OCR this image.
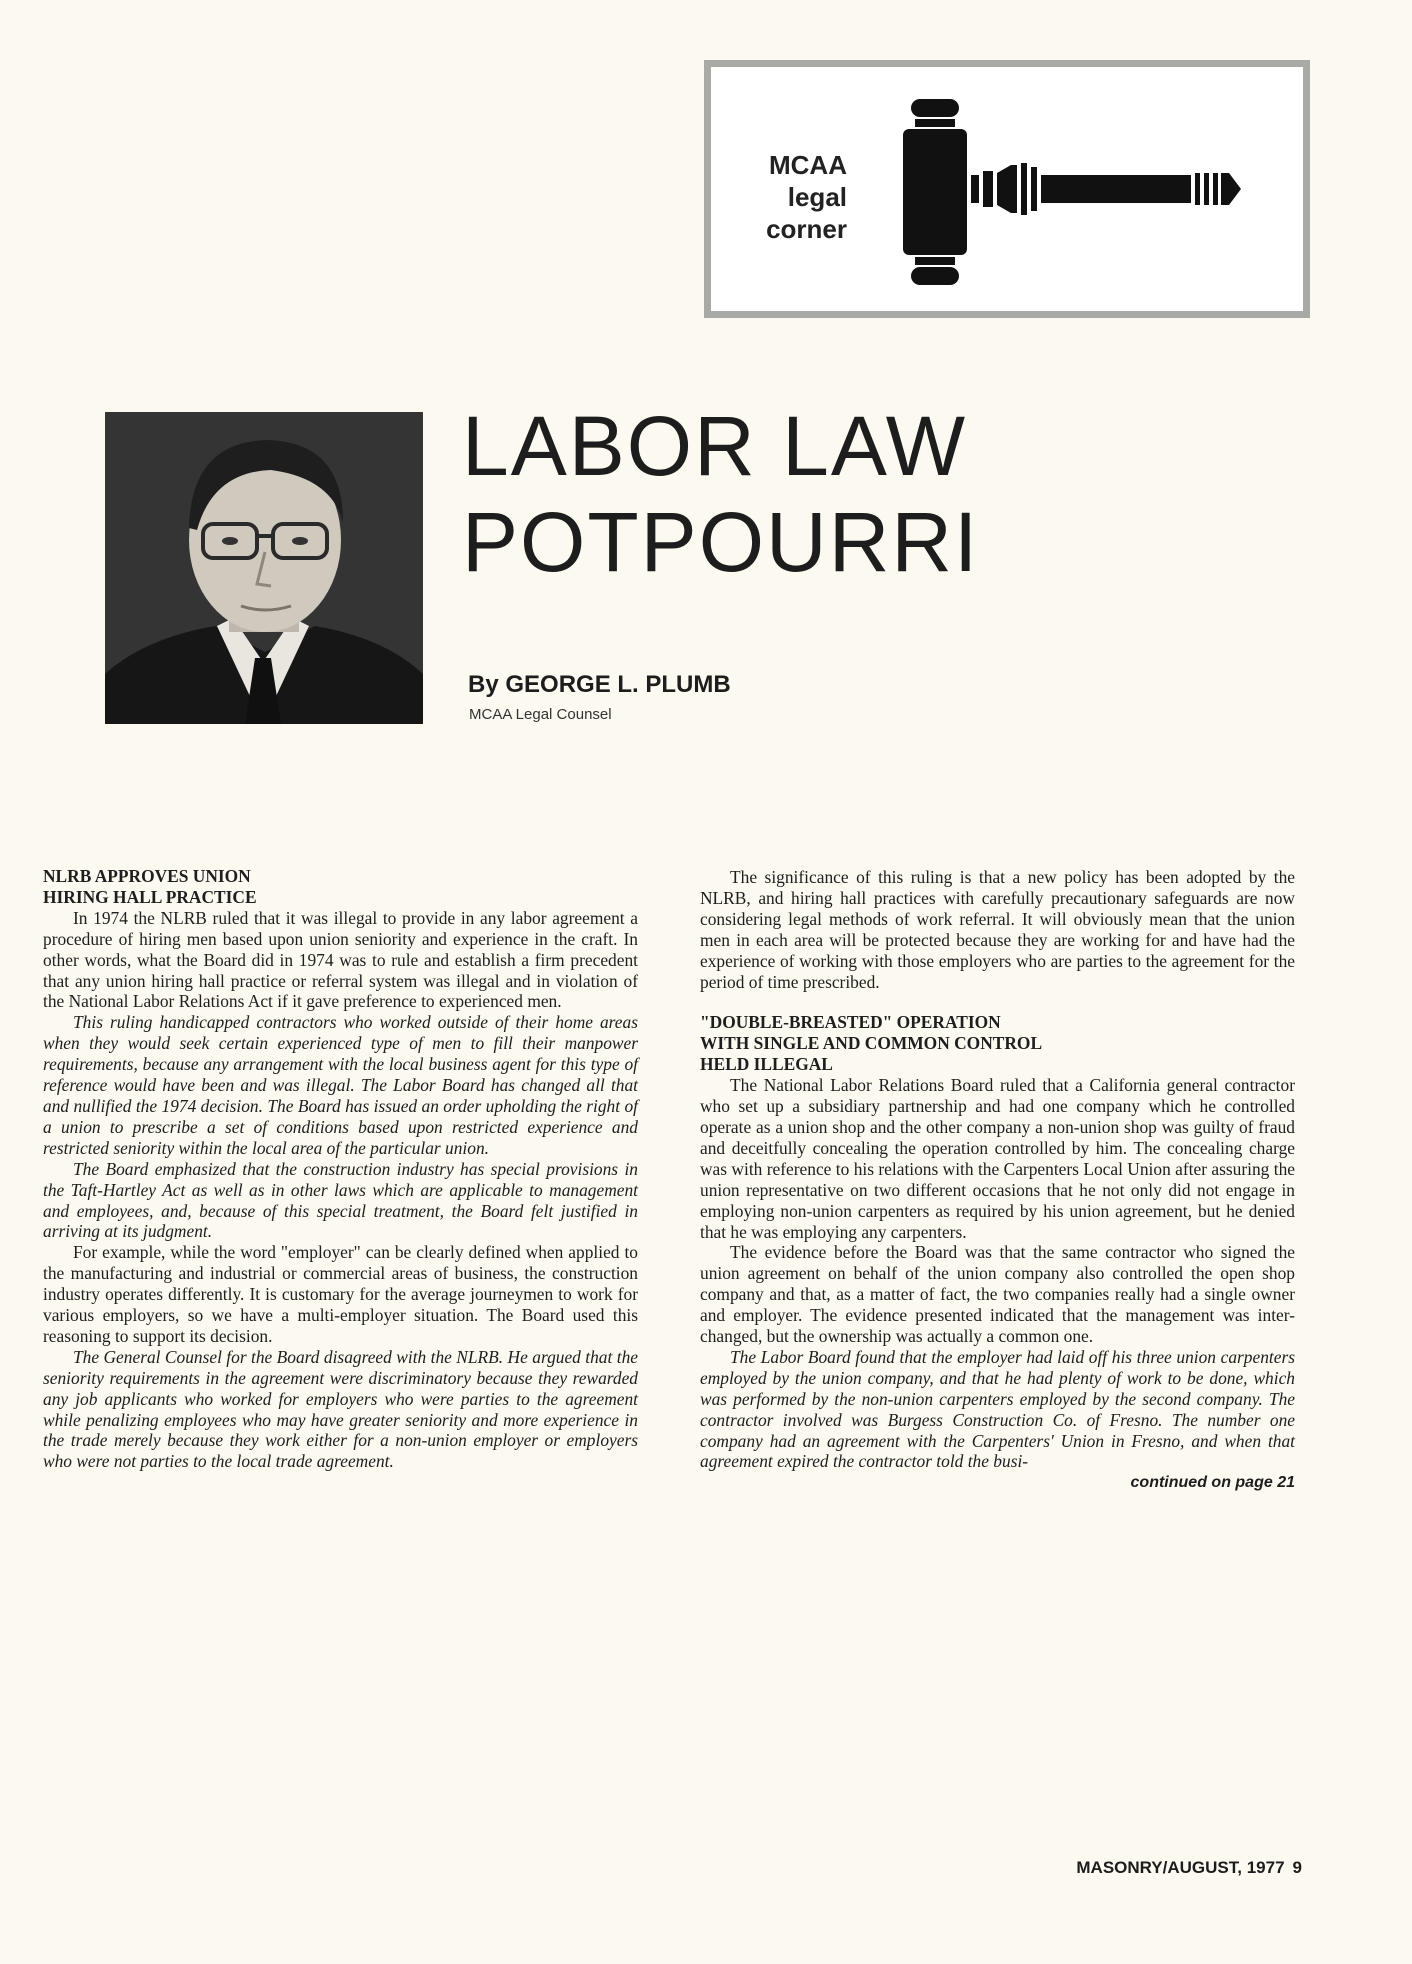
MCAA
legal
corner
LABOR LAW
POTPOURRI
By GEORGE L. PLUMB
MCAA Legal Counsel
NLRB APPROVES UNION
HIRING HALL PRACTICE

In 1974 the NLRB ruled that it was illegal to provide in any labor agreement a procedure of hiring men based upon union seniority and experience in the craft. In other words, what the Board did in 1974 was to rule and establish a firm precedent that any union hiring hall practice or referral system was illegal and in violation of the National Labor Relations Act if it gave preference to experienced men.

This ruling handicapped contractors who worked outside of their home areas when they would seek certain experienced type of men to fill their manpower requirements, because any arrangement with the local business agent for this type of reference would have been and was illegal. The Labor Board has changed all that and nullified the 1974 decision. The Board has issued an order upholding the right of a union to prescribe a set of conditions based upon restricted experience and restricted seniority within the local area of the particular union.

The Board emphasized that the construction industry has special provisions in the Taft-Hartley Act as well as in other laws which are applicable to management and employees, and, because of this special treatment, the Board felt justified in arriving at its judgment.

For example, while the word "employer" can be clearly defined when applied to the manufacturing and industrial or commercial areas of business, the construction industry operates differently. It is customary for the average journeymen to work for various employers, so we have a multi-employer situation. The Board used this reasoning to support its decision.

The General Counsel for the Board disagreed with the NLRB. He argued that the seniority requirements in the agreement were discriminatory because they rewarded any job applicants who worked for employers who were parties to the agreement while penalizing employees who may have greater seniority and more experience in the trade merely because they work either for a non-union employer or employers who were not parties to the local trade agreement.

The significance of this ruling is that a new policy has been adopted by the NLRB, and hiring hall practices with carefully precautionary safeguards are now considering legal methods of work referral. It will obviously mean that the union men in each area will be protected because they are working for and have had the experience of working with those employers who are parties to the agreement for the period of time prescribed.

"DOUBLE-BREASTED" OPERATION
WITH SINGLE AND COMMON CONTROL
HELD ILLEGAL

The National Labor Relations Board ruled that a California general contractor who set up a subsidiary partnership and had one company which he controlled operate as a union shop and the other company a non-union shop was guilty of fraud and deceitfully concealing the operation controlled by him. The concealing charge was with reference to his relations with the Carpenters Local Union after assuring the union representative on two different occasions that he not only did not engage in employing non-union carpenters as required by his union agreement, but he denied that he was employing any carpenters.

The evidence before the Board was that the same contractor who signed the union agreement on behalf of the union company also controlled the open shop company and that, as a matter of fact, the two companies really had a single owner and employer. The evidence presented indicated that the management was inter-changed, but the ownership was actually a common one.

The Labor Board found that the employer had laid off his three union carpenters employed by the union company, and that he had plenty of work to be done, which was performed by the non-union carpenters employed by the second company. The contractor involved was Burgess Construction Co. of Fresno. The number one company had an agreement with the Carpenters' Union in Fresno, and when that agreement expired the contractor told the busi-

continued on page 21
MASONRY/AUGUST, 1977 9
